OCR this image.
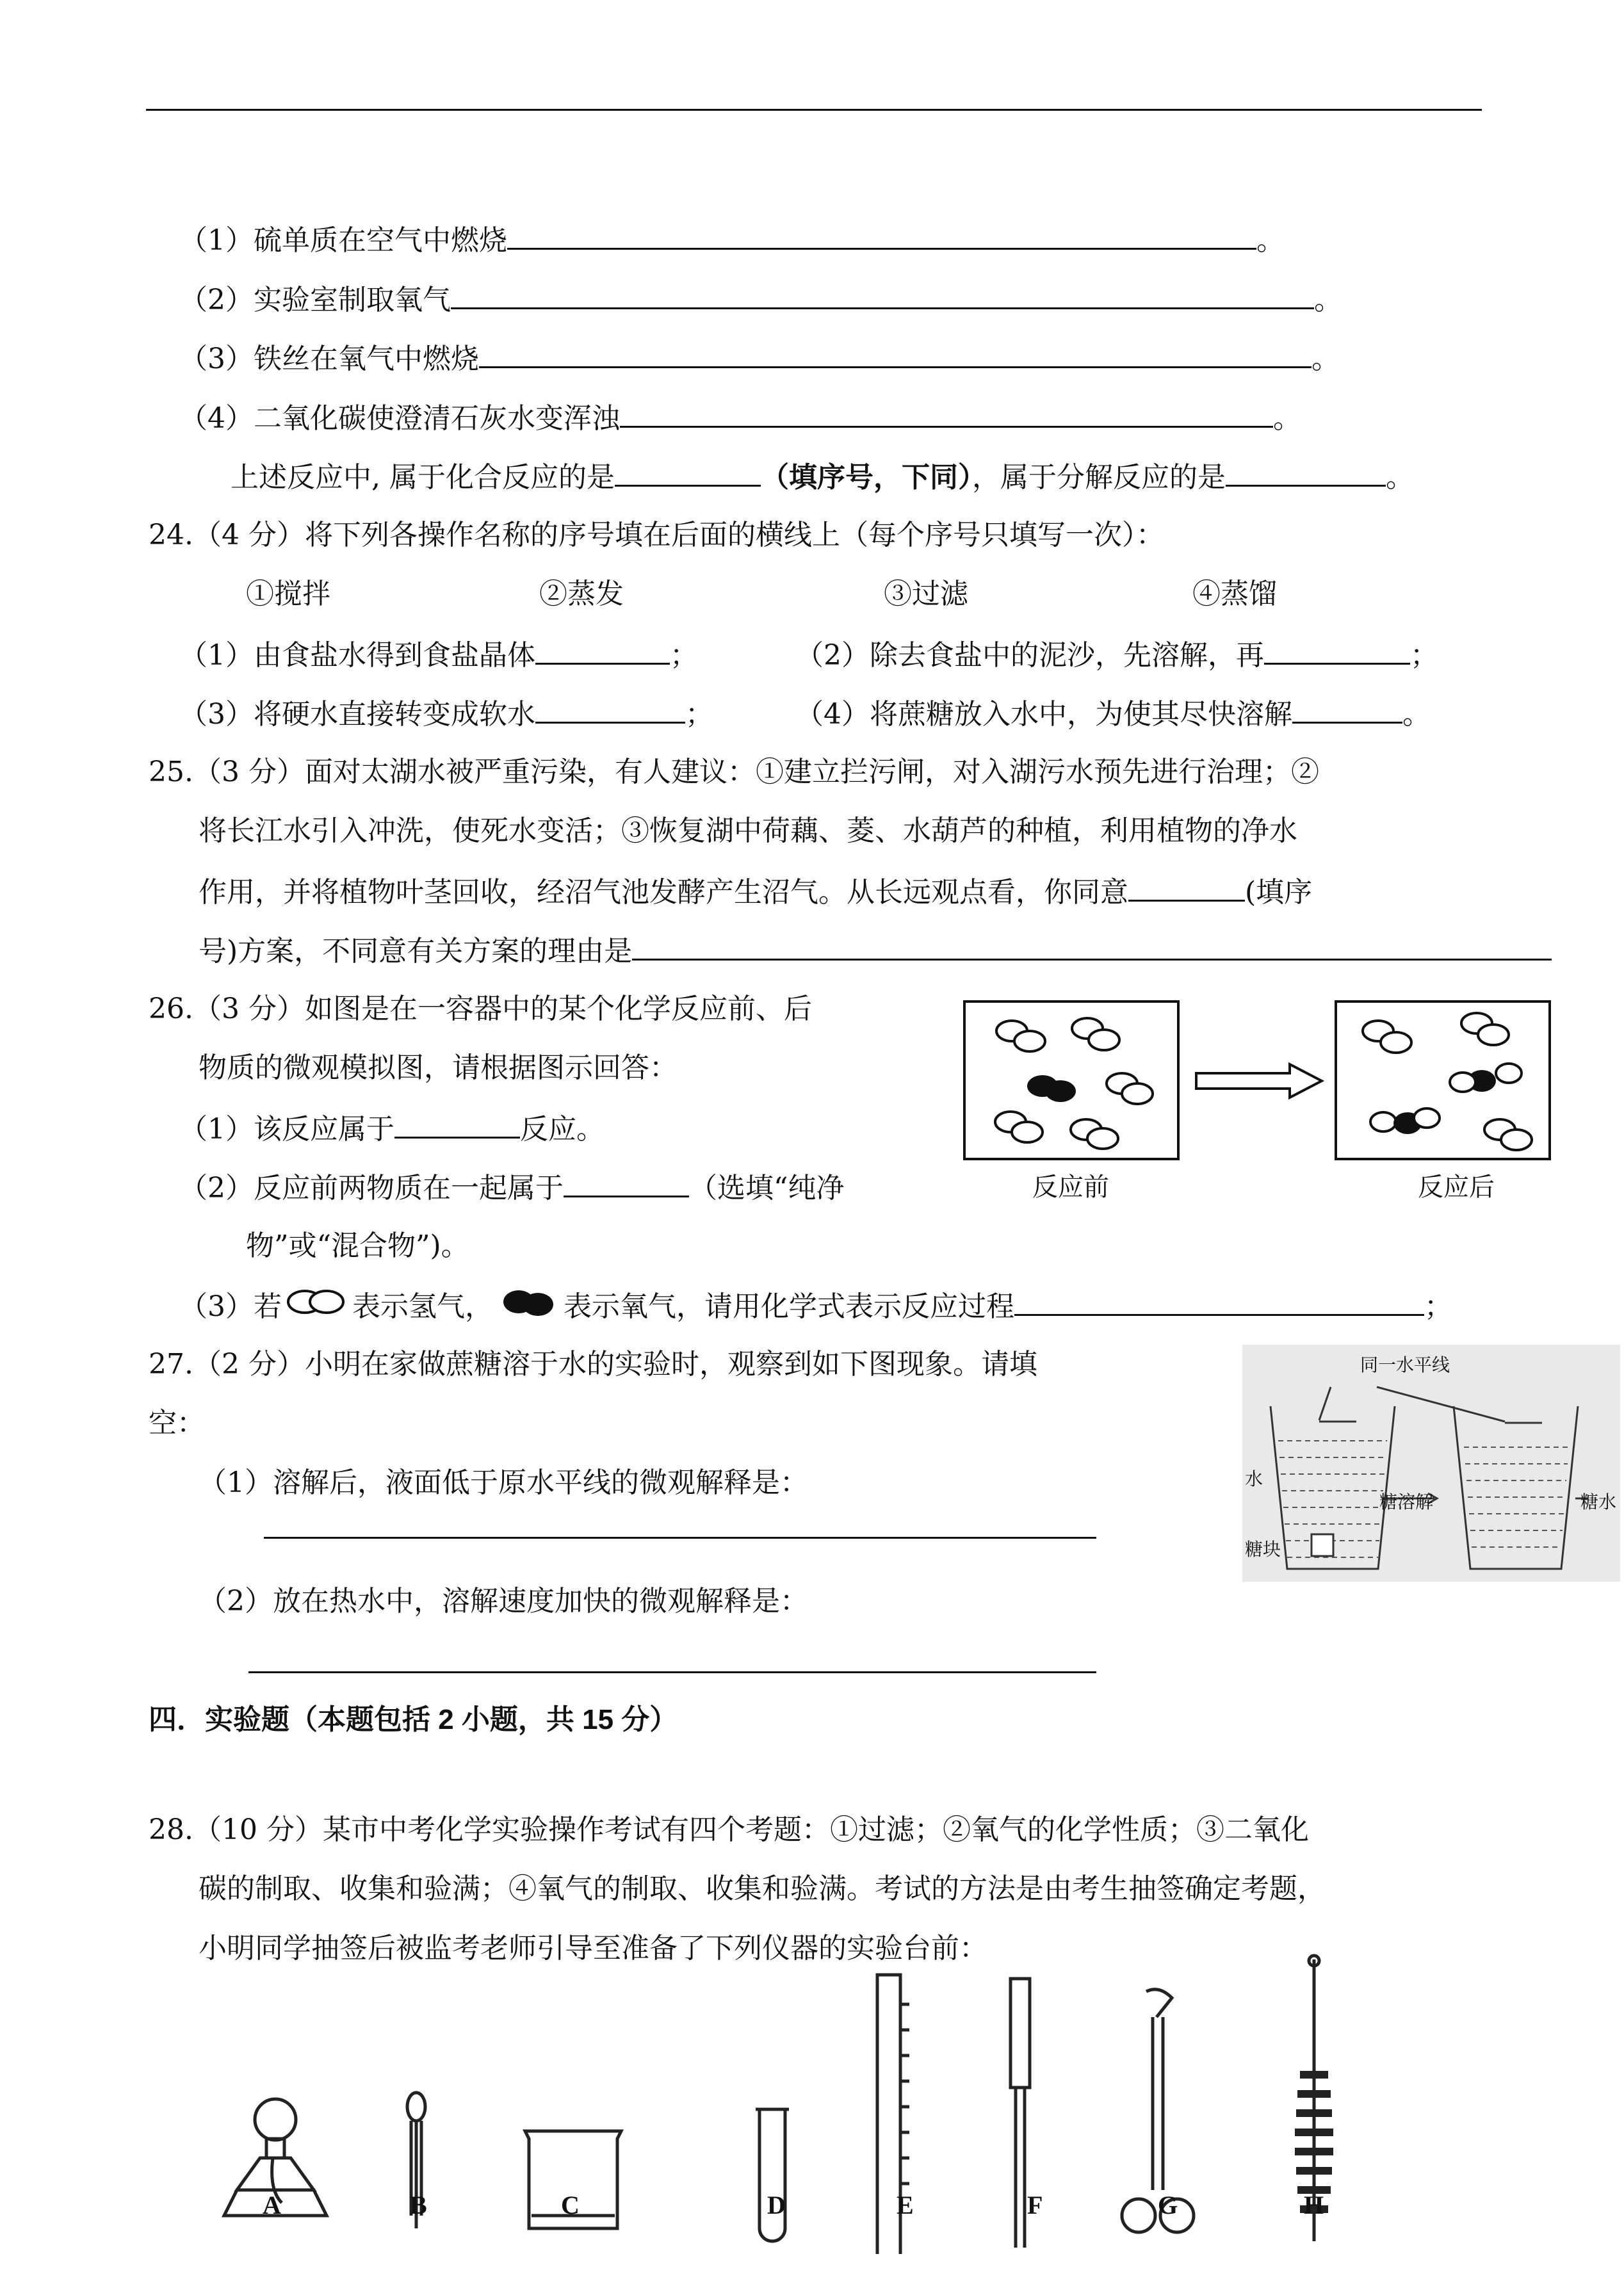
（1）硫单质在空气中燃烧	。
（2）实验室制取氧气	。
（3）铁丝在氧气中燃烧	。
（4）二氧化碳使澄清石灰水变浑浊	。
上述反应中, 属于化合反应的是	（填序号，下同），属于分解反应的是	。
24.（4 分）将下列各操作名称的序号填在后面的横线上（每个序号只填写一次）：
①搅拌	②蒸发	③过滤	④蒸馏
（1）由食盐水得到食盐晶体	；	（2）除去食盐中的泥沙，先溶解，再	；
（3）将硬水直接转变成软水	；	（4）将蔗糖放入水中，为使其尽快溶解	。
25.（3 分）面对太湖水被严重污染，有人建议：①建立拦污闸，对入湖污水预先进行治理；②
将长江水引入冲洗，使死水变活；③恢复湖中荷藕、菱、水葫芦的种植，利用植物的净水
作用，并将植物叶茎回收，经沼气池发酵产生沼气。从长远观点看，你同意	(填序
号)方案，不同意有关方案的理由是
26.（3 分）如图是在一容器中的某个化学反应前、后
物质的微观模拟图，请根据图示回答：
（1）该反应属于	反应。
（2）反应前两物质在一起属于	（选填“纯净
物”或“混合物”)。
（3）若	表示氢气，	表示氧气，请用化学式表示反应过程	；
反应前	反应后
27.（2 分）小明在家做蔗糖溶于水的实验时，观察到如下图现象。请填
空：
（1）溶解后，液面低于原水平线的微观解释是：
（2）放在热水中，溶解速度加快的微观解释是：
同一水平线
水
糖块
糖溶解	糖水
四．实验题（本题包括 2 小题，共 15 分）
28.（10 分）某市中考化学实验操作考试有四个考题：①过滤；②氧气的化学性质；③二氧化
碳的制取、收集和验满；④氧气的制取、收集和验满。考试的方法是由考生抽签确定考题，
小明同学抽签后被监考老师引导至准备了下列仪器的实验台前：
A	B	C	D	E	F	G	H
